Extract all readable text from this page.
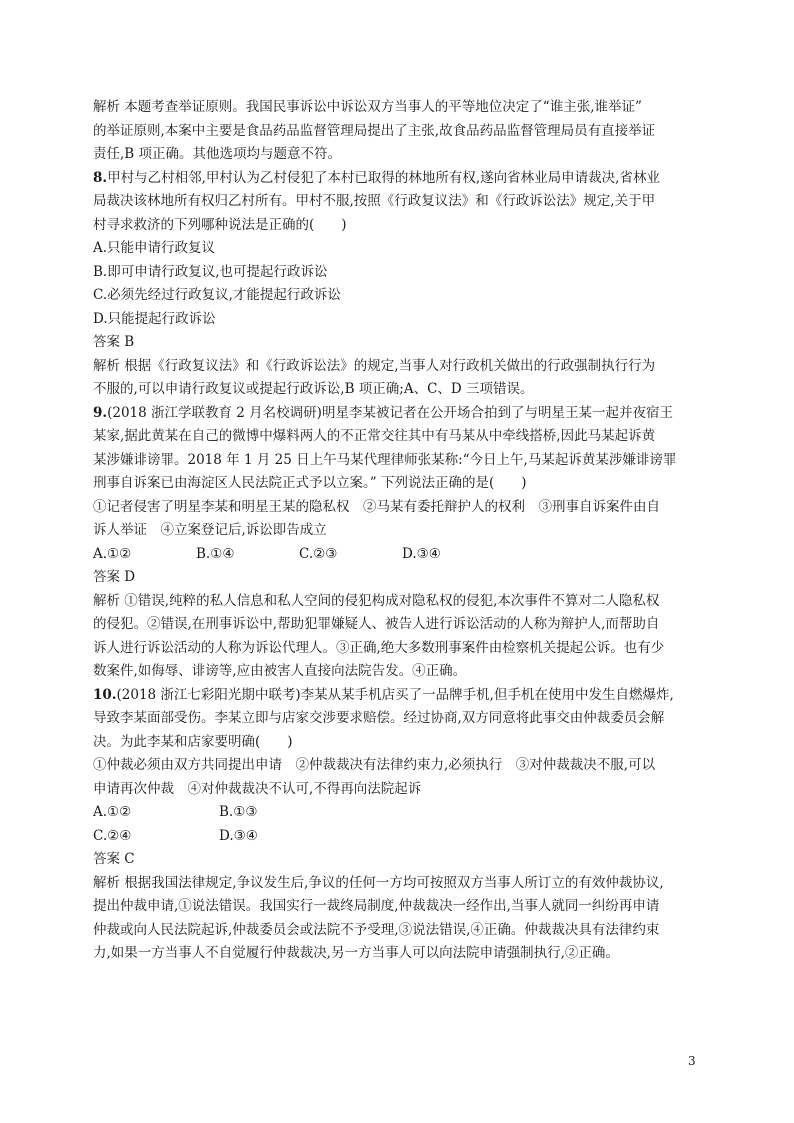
解析 本题考查举证原则。我国民事诉讼中诉讼双方当事人的平等地位决定了“谁主张,谁举证”

的举证原则,本案中主要是食品药品监督管理局提出了主张,故食品药品监督管理局员有直接举证

责任,B 项正确。其他选项均与题意不符。

8.甲村与乙村相邻,甲村认为乙村侵犯了本村已取得的林地所有权,遂向省林业局申请裁决,省林业

局裁决该林地所有权归乙村所有。甲村不服,按照《行政复议法》和《行政诉讼法》规定,关于甲

村寻求救济的下列哪种说法是正确的(　　)

A.只能申请行政复议

B.即可申请行政复议,也可提起行政诉讼

C.必须先经过行政复议,才能提起行政诉讼

D.只能提起行政诉讼

答案 B

解析 根据《行政复议法》和《行政诉讼法》的规定,当事人对行政机关做出的行政强制执行行为

不服的,可以申请行政复议或提起行政诉讼,B 项正确;A、C、D 三项错误。

9.(2018 浙江学联教育 2 月名校调研)明星李某被记者在公开场合拍到了与明星王某一起并夜宿王

某家,据此黄某在自己的微博中爆料两人的不正常交往其中有马某从中牵线搭桥,因此马某起诉黄

某涉嫌诽谤罪。2018 年 1 月 25 日上午马某代理律师张某称:“今日上午,马某起诉黄某涉嫌诽谤罪

刑事自诉案已由海淀区人民法院正式予以立案。” 下列说法正确的是(　　)

①记者侵害了明星李某和明星王某的隐私权　②马某有委托辩护人的权利　③刑事自诉案件由自

诉人举证　④立案登记后,诉讼即告成立

A.①②	B.①④	C.②③	D.③④

答案 D

解析 ①错误,纯粹的私人信息和私人空间的侵犯构成对隐私权的侵犯,本次事件不算对二人隐私权

的侵犯。②错误,在刑事诉讼中,帮助犯罪嫌疑人、被告人进行诉讼活动的人称为辩护人,而帮助自

诉人进行诉讼活动的人称为诉讼代理人。③正确,绝大多数刑事案件由检察机关提起公诉。也有少

数案件,如侮辱、诽谤等,应由被害人直接向法院告发。④正确。

10.(2018 浙江七彩阳光期中联考)李某从某手机店买了一品牌手机,但手机在使用中发生自燃爆炸,

导致李某面部受伤。李某立即与店家交涉要求赔偿。经过协商,双方同意将此事交由仲裁委员会解

决。为此李某和店家要明确(　　)

①仲裁必须由双方共同提出申请　②仲裁裁决有法律约束力,必须执行　③对仲裁裁决不服,可以

申请再次仲裁　④对仲裁裁决不认可,不得再向法院起诉

A.①②	B.①③
C.②④	D.③④

答案 C

解析 根据我国法律规定,争议发生后,争议的任何一方均可按照双方当事人所订立的有效仲裁协议,

提出仲裁申请,①说法错误。我国实行一裁终局制度,仲裁裁决一经作出,当事人就同一纠纷再申请

仲裁或向人民法院起诉,仲裁委员会或法院不予受理,③说法错误,④正确。仲裁裁决具有法律约束

力,如果一方当事人不自觉履行仲裁裁决,另一方当事人可以向法院申请强制执行,②正确。

3
